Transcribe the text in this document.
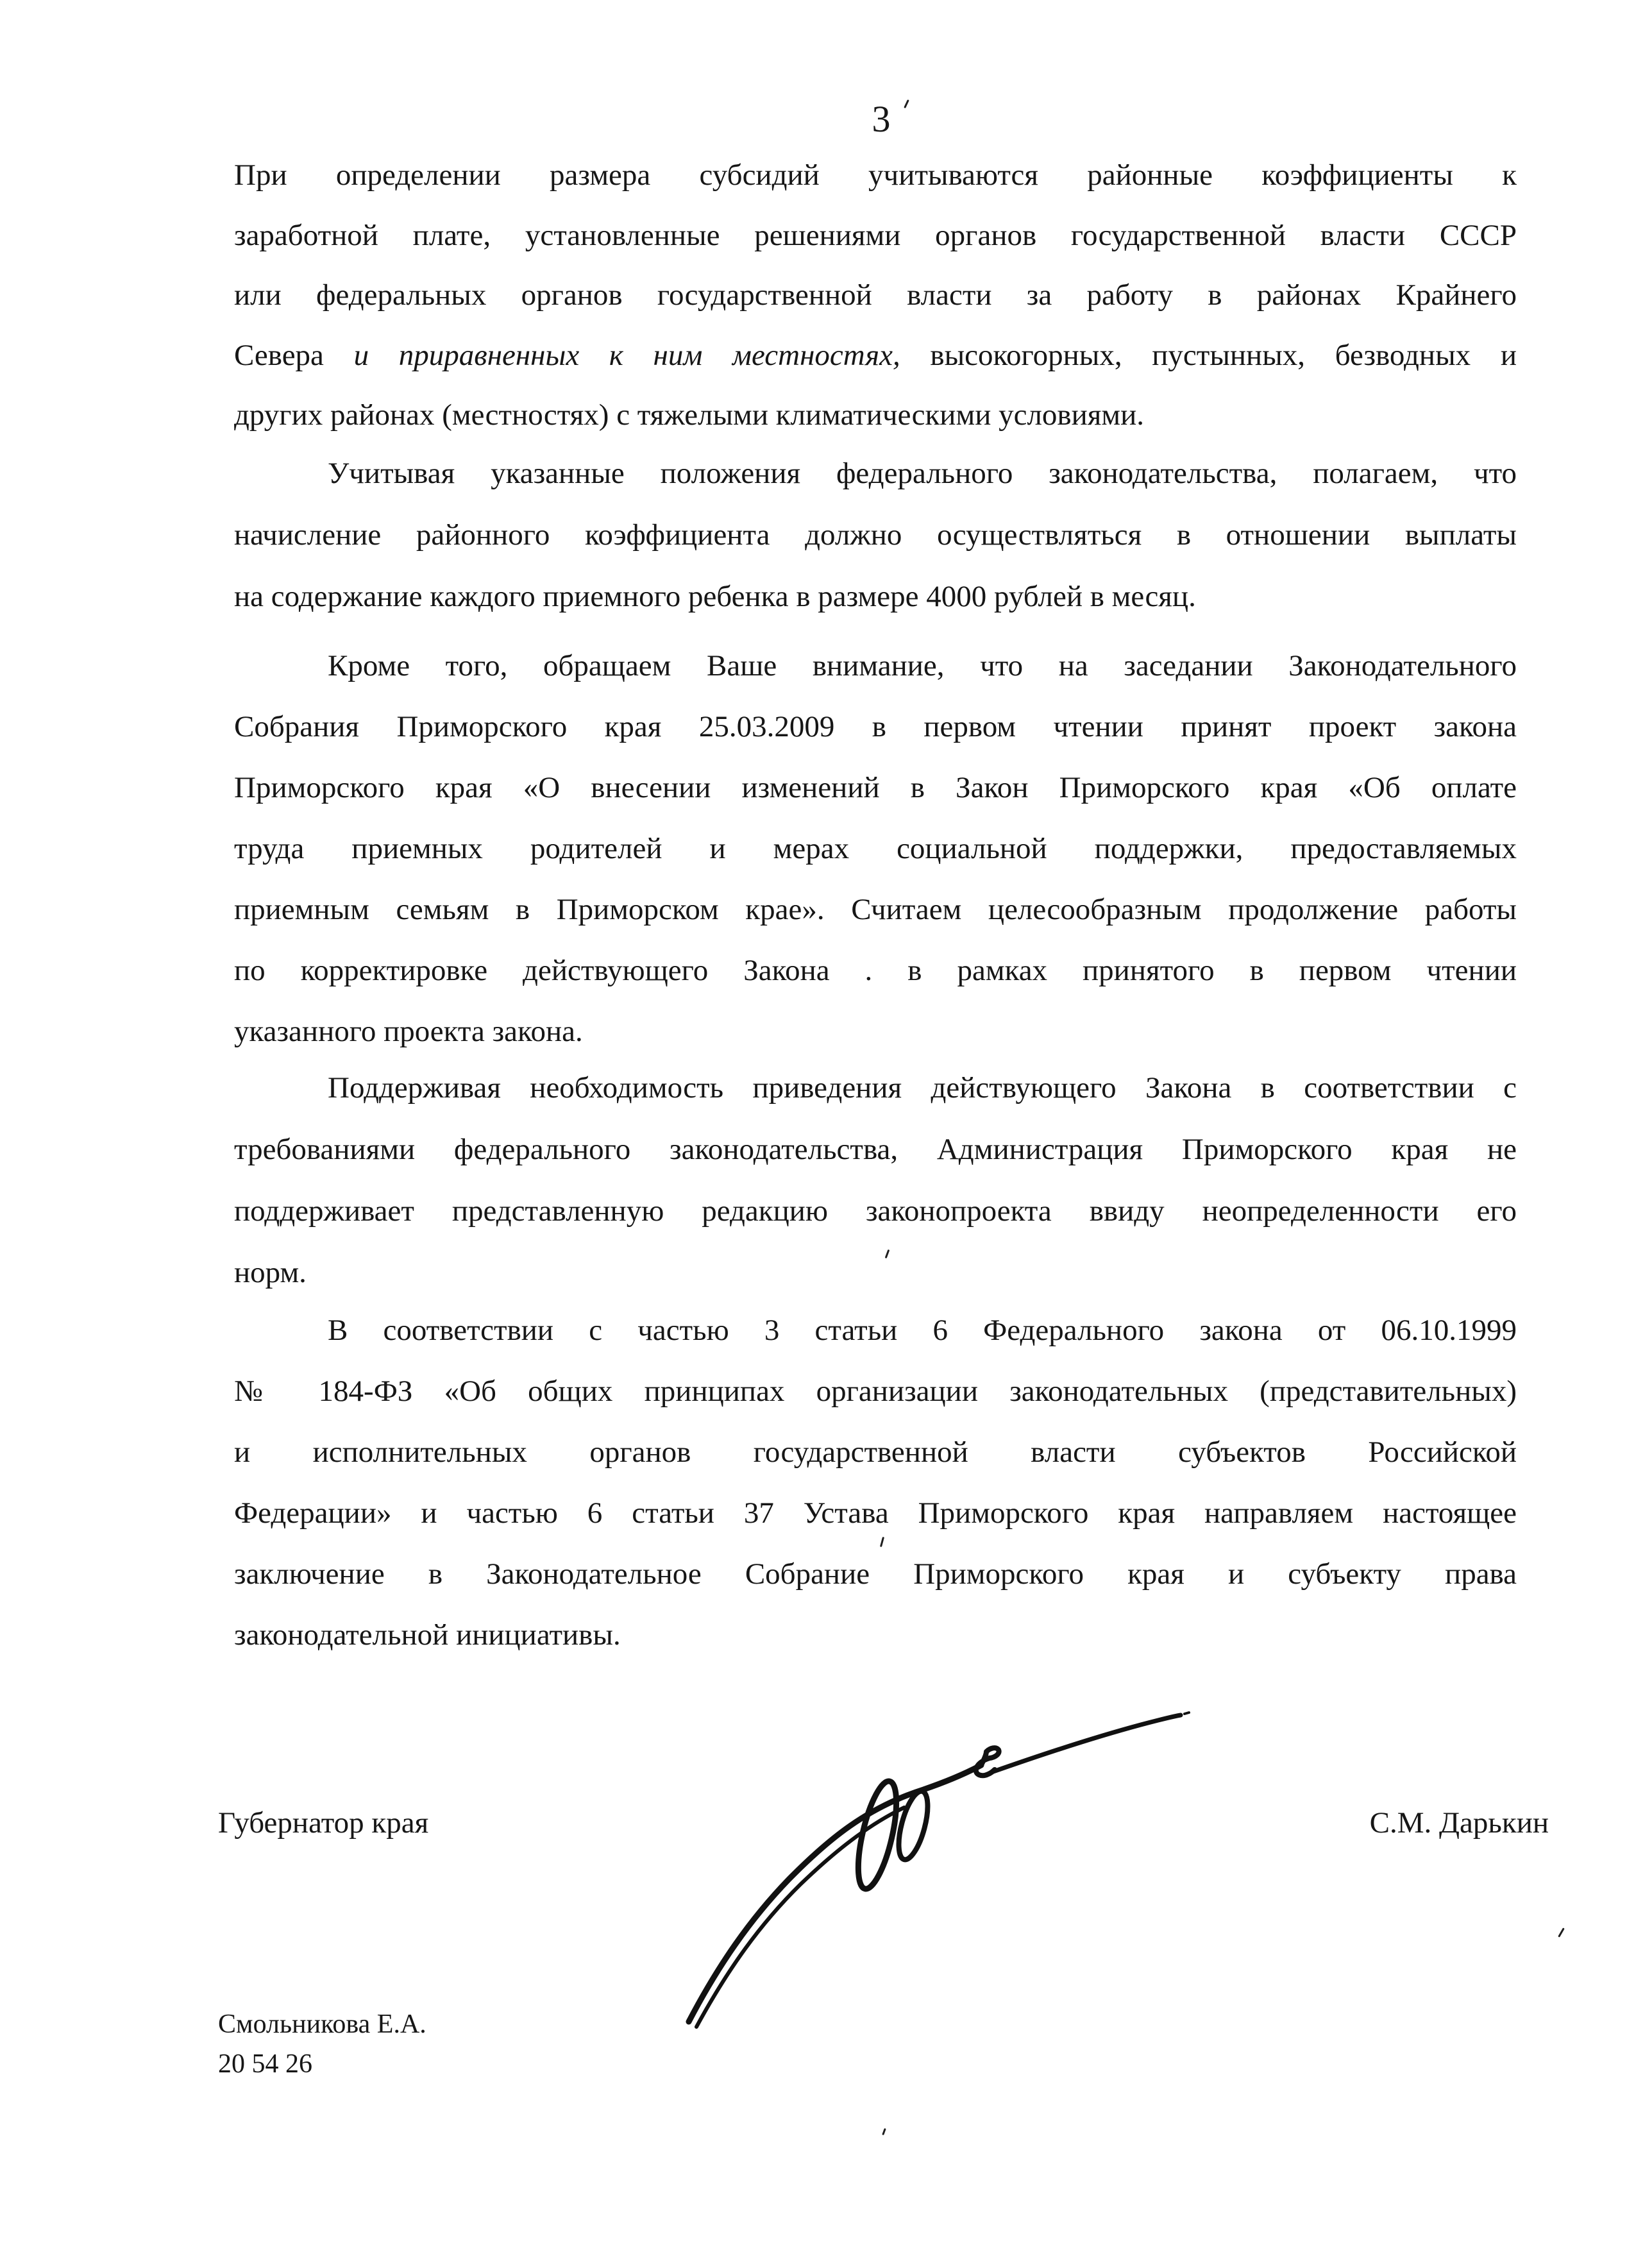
3
При определении размера субсидий учитываются районные коэффициенты к
заработной плате, установленные решениями органов государственной власти СССР
или федеральных органов государственной власти за работу в районах Крайнего
Севера и приравненных к ним местностях, высокогорных, пустынных, безводных и
других районах (местностях) с тяжелыми климатическими условиями.
Учитывая указанные положения федерального законодательства, полагаем, что
начисление районного коэффициента должно осуществляться в отношении выплаты
на содержание каждого приемного ребенка в размере 4000 рублей в месяц.
Кроме того, обращаем Ваше внимание, что на заседании Законодательного
Собрания Приморского края 25.03.2009 в первом чтении принят проект закона
Приморского края «О внесении изменений в Закон Приморского края «Об оплате
труда приемных родителей и мерах социальной поддержки, предоставляемых
приемным семьям в Приморском крае». Считаем целесообразным продолжение работы
по корректировке действующего Закона . в рамках принятого в первом чтении
указанного проекта закона.
Поддерживая необходимость приведения действующего Закона в соответствии с
требованиями федерального законодательства, Администрация Приморского края не
поддерживает представленную редакцию законопроекта ввиду неопределенности его
норм.
В соответствии с частью 3 статьи 6 Федерального закона от 06.10.1999
№ 184-ФЗ «Об общих принципах организации законодательных (представительных)
и исполнительных органов государственной власти субъектов Российской
Федерации» и частью 6 статьи 37 Устава Приморского края направляем настоящее
заключение в Законодательное Собрание Приморского края и субъекту права
законодательной инициативы.
Губернатор края	С.М. Дарькин
Смольникова Е.А.
20 54 26
